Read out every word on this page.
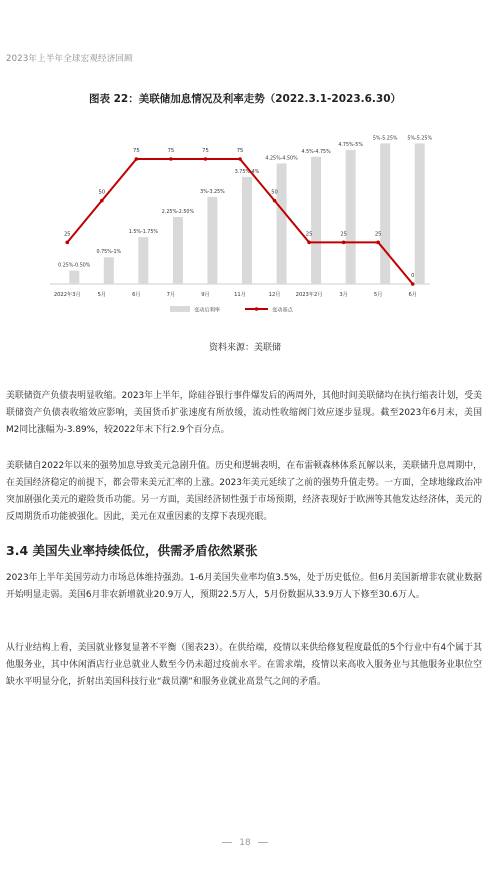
2023年上半年全球宏观经济回顾
图表 22：美联储加息情况及利率走势（2022.3.1-2023.6.30）
0.25%-0.50%
0.75%-1%
1.5%-1.75%
2.25%-2.50%
3%-3.25%
3.75%-4%
4.25%-4.50%
4.5%-4.75%
4.75%-5%
5%-5.25% 5%-5.25%
25
50
75	75	75	75
50
25	25	25
0
2022年3月	5月	6月	7月	9月	11月	12月	2023年2月	3月	5月	6月
变动后利率	变动基点
资料来源：美联储

美联储资产负债表明显收缩。2023年上半年，除硅谷银行事件爆发后的两周外，其他时间美联储均在执行缩表计划，受美联储资产负债表收缩效应影响，美国货币扩张速度有所放缓，流动性收缩阀门效应逐步显现。截至2023年6月末，美国M2同比涨幅为-3.89%，较2022年末下行2.9个百分点。

美联储自2022年以来的强势加息导致美元急剧升值。历史和逻辑表明，在布雷顿森林体系瓦解以来，美联储升息周期中，在美国经济稳定的前提下，都会带来美元汇率的上涨。2023年美元延续了之前的强势升值走势。一方面，全球地缘政治冲突加剧强化美元的避险货币功能。另一方面，美国经济韧性强于市场预期，经济表现好于欧洲等其他发达经济体，美元的反周期货币功能被强化。因此，美元在双重因素的支撑下表现亮眼。

3.4 美国失业率持续低位，供需矛盾依然紧张

2023年上半年美国劳动力市场总体维持强劲。1-6月美国失业率均值3.5%，处于历史低位。但6月美国新增非农就业数据开始明显走弱。美国6月非农新增就业20.9万人，预期22.5万人，5月份数据从33.9万人下修至30.6万人。

从行业结构上看，美国就业修复显著不平衡（图表23）。在供给端，疫情以来供给修复程度最低的5个行业中有4个属于其他服务业，其中休闲酒店行业总就业人数至今仍未超过疫前水平。在需求端，疫情以来高收入服务业与其他服务业职位空缺水平明显分化，折射出美国科技行业“裁员潮”和服务业就业高景气之间的矛盾。

18
